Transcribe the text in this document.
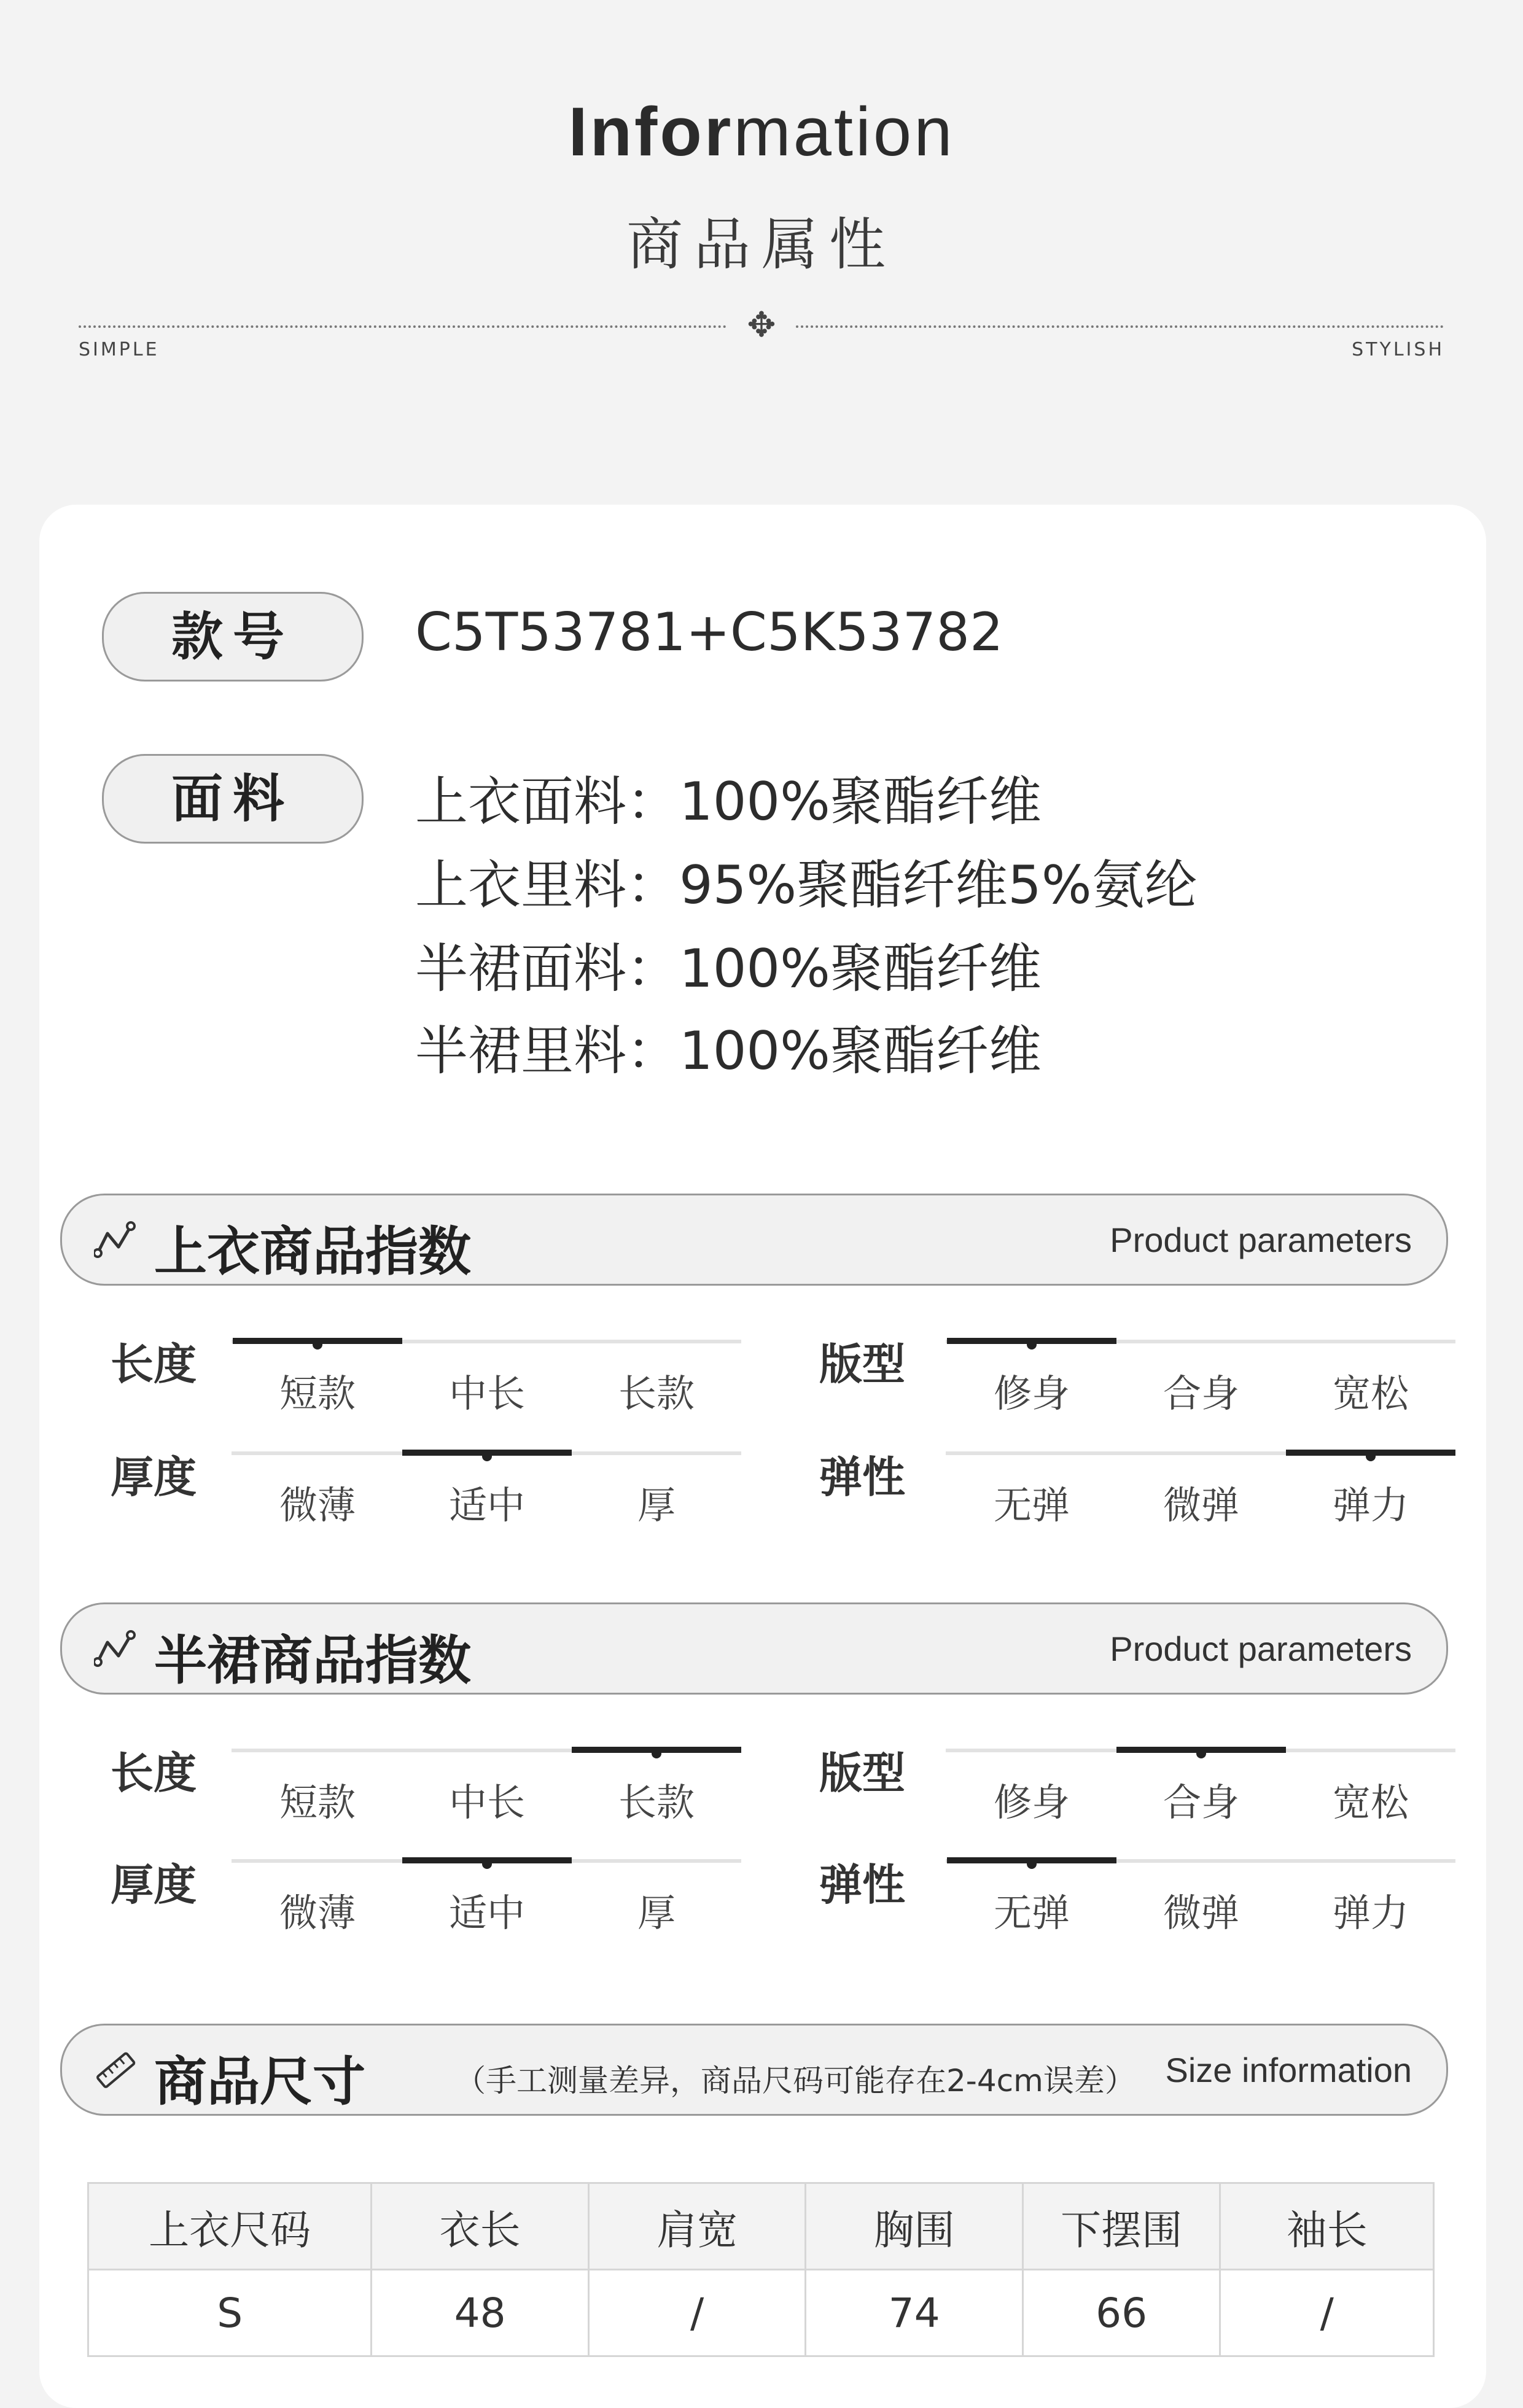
Information
商品属性
✥
SIMPLE	STYLISH
款号	C5T53781+C5K53782
面料	上衣面料：100%聚酯纤维
上衣里料：95%聚酯纤维5%氨纶
半裙面料：100%聚酯纤维
半裙里料：100%聚酯纤维
上衣商品指数	Product parameters
长度
短款	中长	长款
版型
修身	合身	宽松
厚度
微薄	适中	厚
弹性
无弹	微弹	弹力
半裙商品指数	Product parameters
长度
短款	中长	长款
版型
修身	合身	宽松
厚度
微薄	适中	厚
弹性
无弹	微弹	弹力
商品尺寸	（手工测量差异，商品尺码可能存在2-4cm误差） Size information
上衣尺码	衣长	肩宽	胸围	下摆围	袖长
S	48	/	74	66	/
